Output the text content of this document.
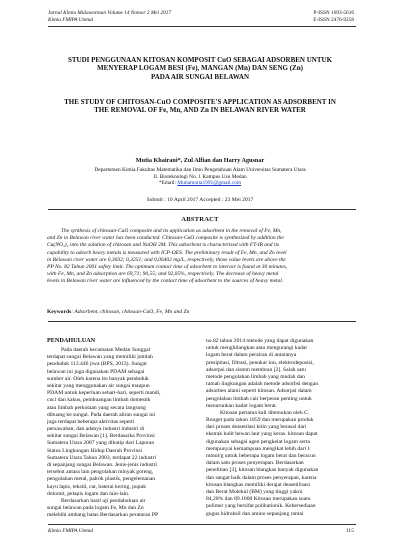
Jurnal Kimia Mulawarman Volume 14 Nomor 2 Mei 2017
Kimia FMIPA Unmul
P-ISSN 1693-5616
E-ISSN 2476-9258
STUDI PENGGUNAAN KITOSAN KOMPOSIT CuO SEBAGAI ADSORBEN UNTUK
MENYERAP LOGAM BESI (Fe), MANGAN (Mn) DAN SENG (Zn)
PADA AIR SUNGAI BELAWAN
THE STUDY OF CHITOSAN-CuO COMPOSITE'S APPLICATION AS ADSORBENT IN
THE REMOVAL OF Fe, Mn, AND Zn IN BELAWAN RIVER WATER
Mutia Khairani*, Zul Alfian dan Harry Agusnar
Departemen Kimia Fakultas Matematika dan Ilmu Pengetahuan Alam Universitas Sumatera Utara
Jl. Bioteknologi No. 1 Kampus Usu Medan
*Email: Mutiamutia1991@gmail.com
Submit : 10 April 2017 Accepted : 23 Mei 2017
ABSTRACT
The synthesis of chitosan-CuO composite and its application as adsorbent in the removal of Fe, Mn,
and Zn in Belawan river water has been conducted. Chitosan-CuO composite is synthesized by addition the
Cu(NO₃)₂ into the solution of chitosan and NaOH 2M. This adsorbent is characterized with FT-IR and its
capability to adsorb heavy metals is measured with ICP-OES. The preliminary result of Fe, Mn, and Zn level
in Belawan river water are 0,3032; 0,3251; and 0,06402 mg/L, respectively, those value levels are above the
PP No. 82 Tahun 2001 safety limit. The optimum contact time of adsorbent to interact is found at 30 minutes,
with Fe, Mn, and Zn adsorption are 69,71; 90,55; and 92,05%, respectively. The decrease of heavy metal
levels in Belawan river water are influenced by the contact time of adsorbent to the sources of heavy metal.
Keywords: Adsorbent, chitosan, chitosan-CuO, Fe, Mn and Zn
PENDAHULUAN
Pada daerah kecamatan Medan Sunggal
terdapat sungai Belawan yang memiliki jumlah
penduduk 113.446 jiwa (BPS, 2013). Sungai
belawan ini juga digunakan PDAM sebagai
sumber air. Oleh karena itu banyak penduduk
sekitar yang menggunakan air sungai maupun
PDAM untuk keperluan sehari-hari, seperti mandi,
cuci dan kakus, pembuangan limbah domestik
atau limbah perkotaan yang secara langsung
dibuang ke sungai. Pada daerah aliran sungai ini
juga terdapat beberapa aktivitas seperti
persawahan, dan adanya industri industri di
sekitar sungai Belawan [1]. Berdasarka Provinsi
Sumatera Utara 2007 yang dikutip dari Laporan
Status Lingkungan Hidup Daerah Provinsi
Sumatera Utara Tahun 2003, terdapat 22 industri
di sepanjang sungai Belawan. Jenis-jenis industri
tersebut antara lain pengolahan minyak goreng,
pengolahan metal, pabrik plastik, pengelemanan
kayu lapis, tekstil, cat, baterai kering, pupuk
dolomit, pelapis logam dan lain-lain.
Berdasarkan hasil uji pendahuluan air
sungai belawan pada logam Fe, Mn dan Zn
melebihi ambang batas Berdasarkan peraturan PP
no.82 tahun 2014 metode yang dapat digunakan
untuk menghilangkan atau mengurangi kadar
logam berat dalam perairan di antaranya
presipitasi, filtrasi, penukar ion, elektrodeposisi,
adsorpsi dan sistem membran [2]. Salah satu
metode pengolahan limbah yang mudah dan
ramah lingkungan adalah metode adsorbsi dengan
adsorben alami seperti kitosan. Adsorpsi dalam
pengolahan limbah cair berperan penting untuk
menurunkan kadar logam berat.
Kitosan pertama kali ditemukan oleh C.
Rouget pada tahun 1859 dan merupakan produk
dari proses deasetilasi kitin yang berasal dari
ekstrak kulit hewan laut yang keras. kitosan dapat
digunakan sebagai agen pengkelat logam serta
mempunyai kemampuan mengikat lebih dari 1
mmol/g untuk beberapa logam berat dan beracun
dalam satu proses penyerapan. Berdasarkan
penelitian [3], kitosan blangkas banyak digunakan
dan sangat baik dalam proses penyerapan, karena
kitosan blangkas memiliki derajat deasetilisasi
dan Berat Molekul (BM) yang tinggi yakni
84,20% dan 89.1000 Kitosan merupakan suatu
polimer yang bersifat polikationik. Kebersediaan
gugus hidroksil dan amino sepanjang rantai
Kimia FMIPA Unmul	115
